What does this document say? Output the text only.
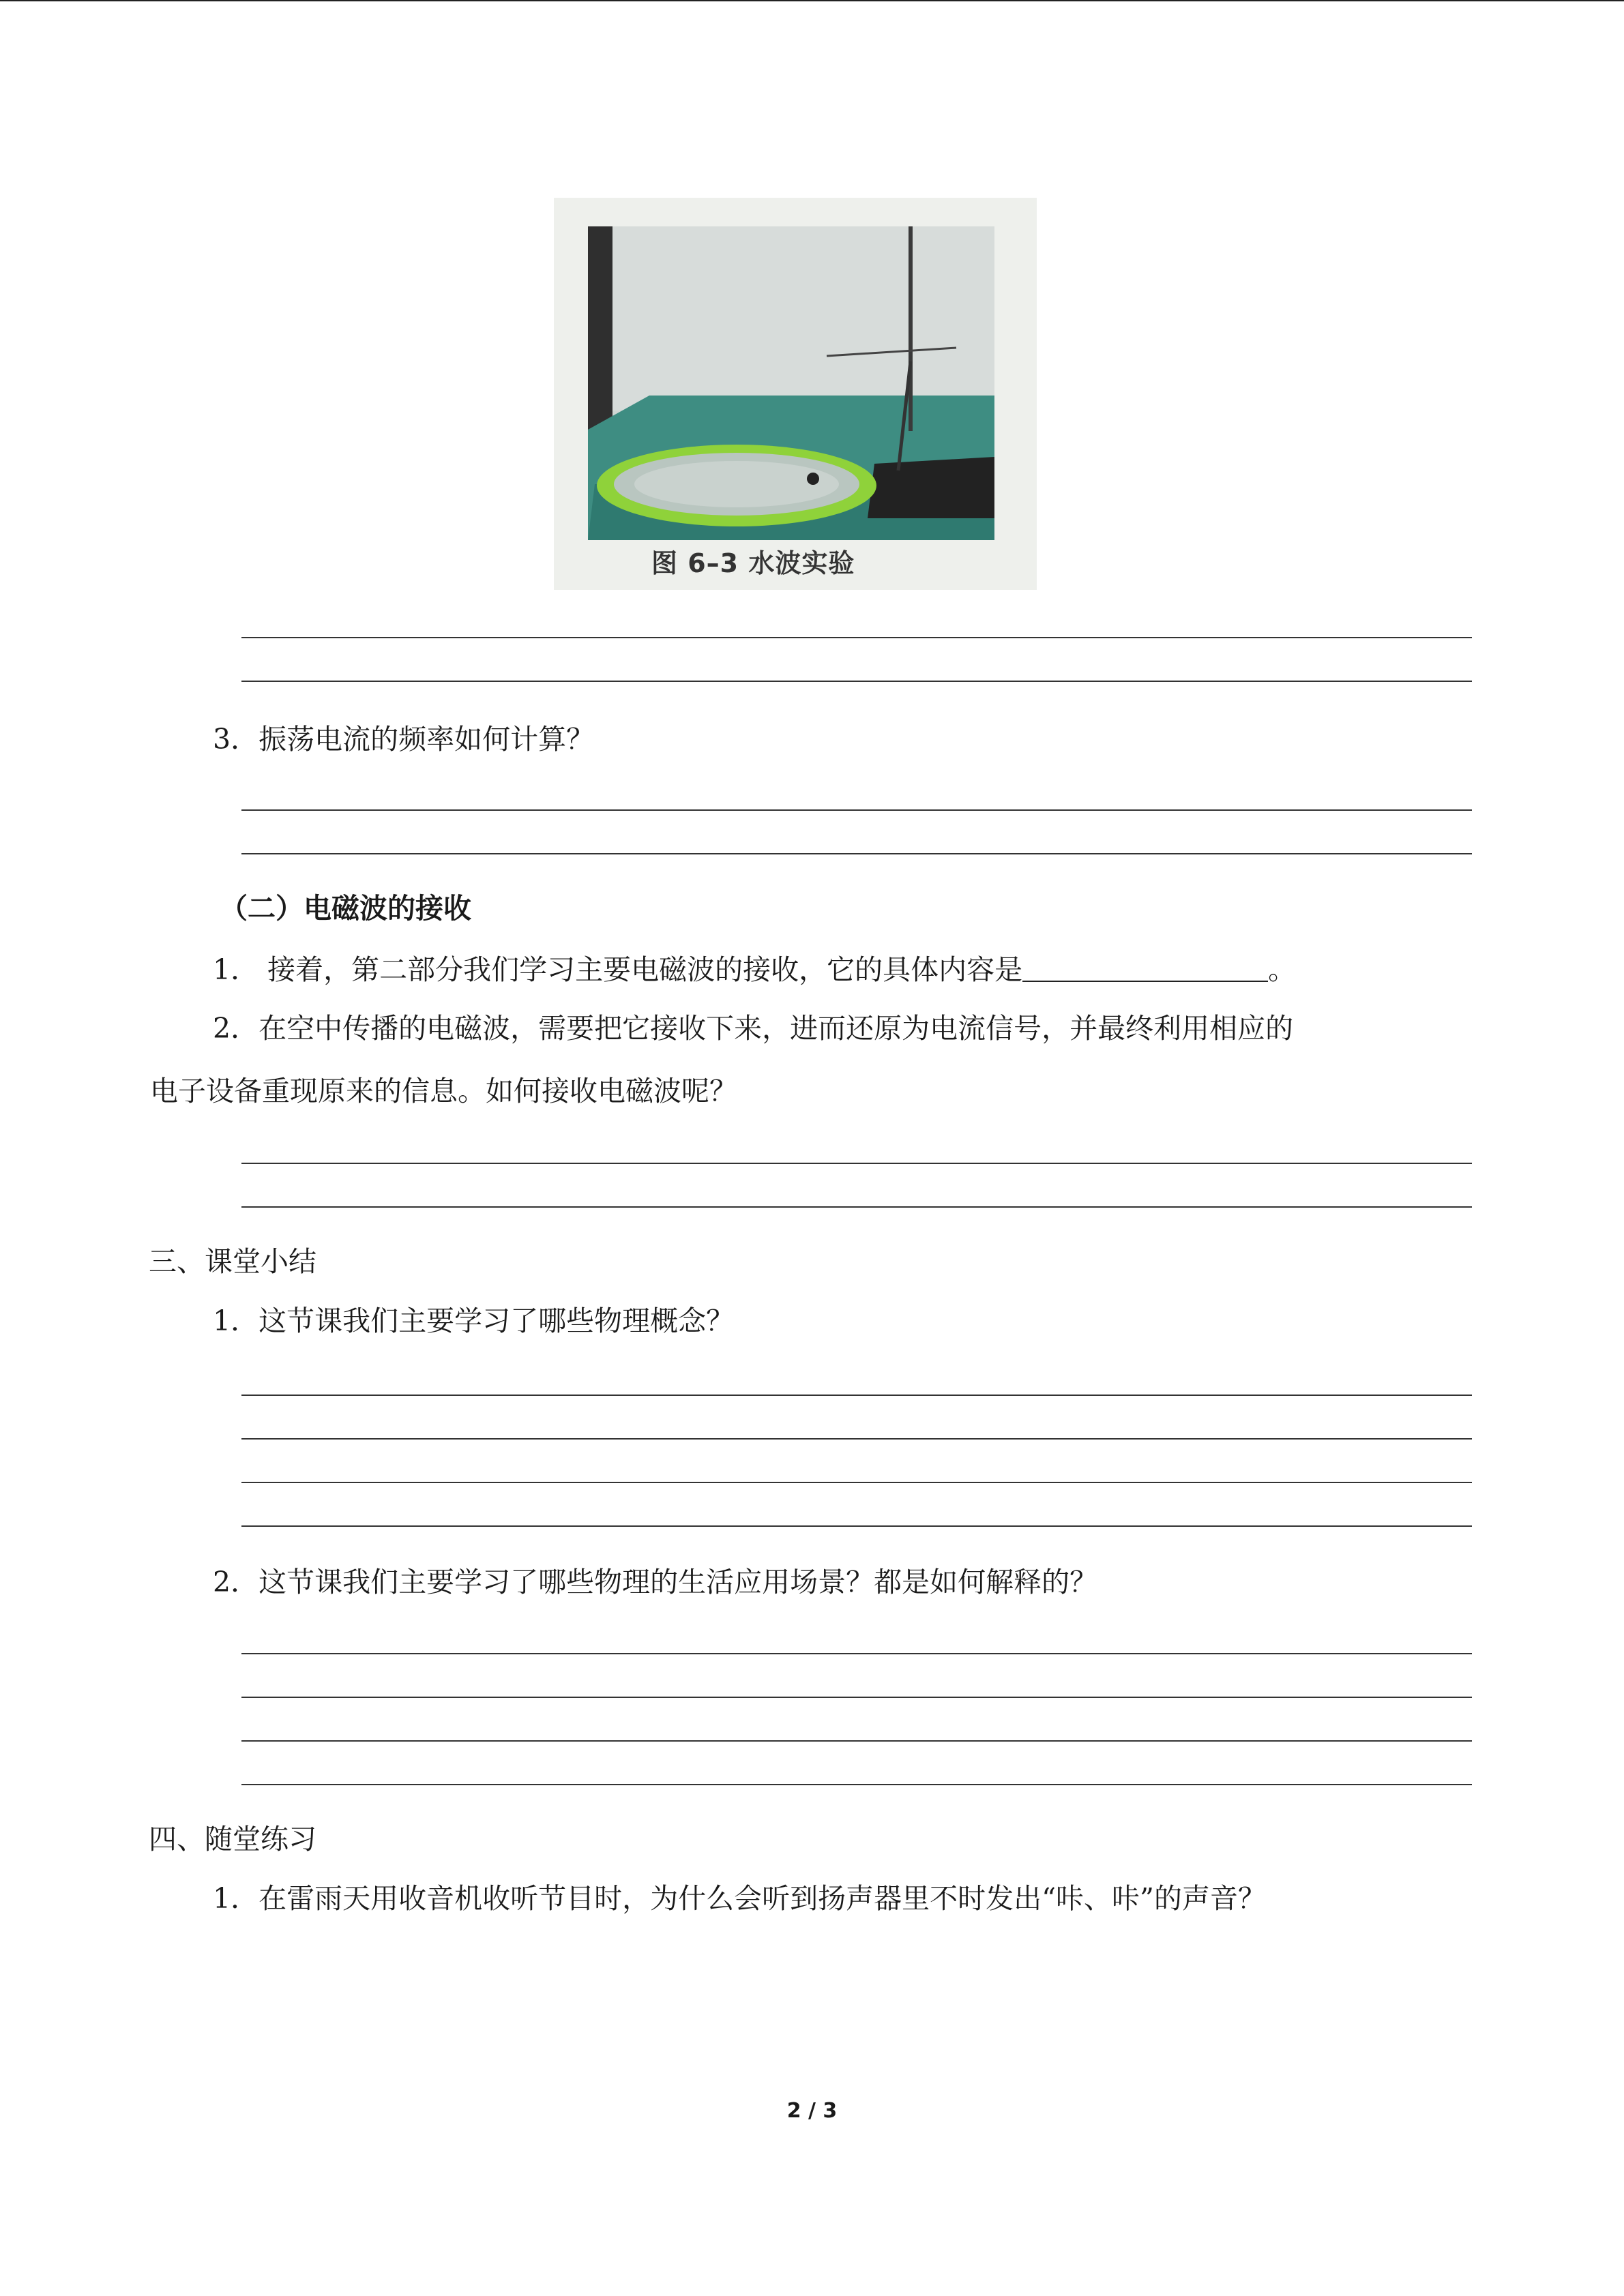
图 6–3 水波实验
3．振荡电流的频率如何计算？
（二）电磁波的接收
1． 接着，第二部分我们学习主要电磁波的接收，它的具体内容是	。
2．在空中传播的电磁波，需要把它接收下来，进而还原为电流信号，并最终利用相应的
电子设备重现原来的信息。如何接收电磁波呢？
三、课堂小结
1．这节课我们主要学习了哪些物理概念？
2．这节课我们主要学习了哪些物理的生活应用场景？都是如何解释的？
四、随堂练习
1．在雷雨天用收音机收听节目时，为什么会听到扬声器里不时发出“咔、咔”的声音？
2 / 3
